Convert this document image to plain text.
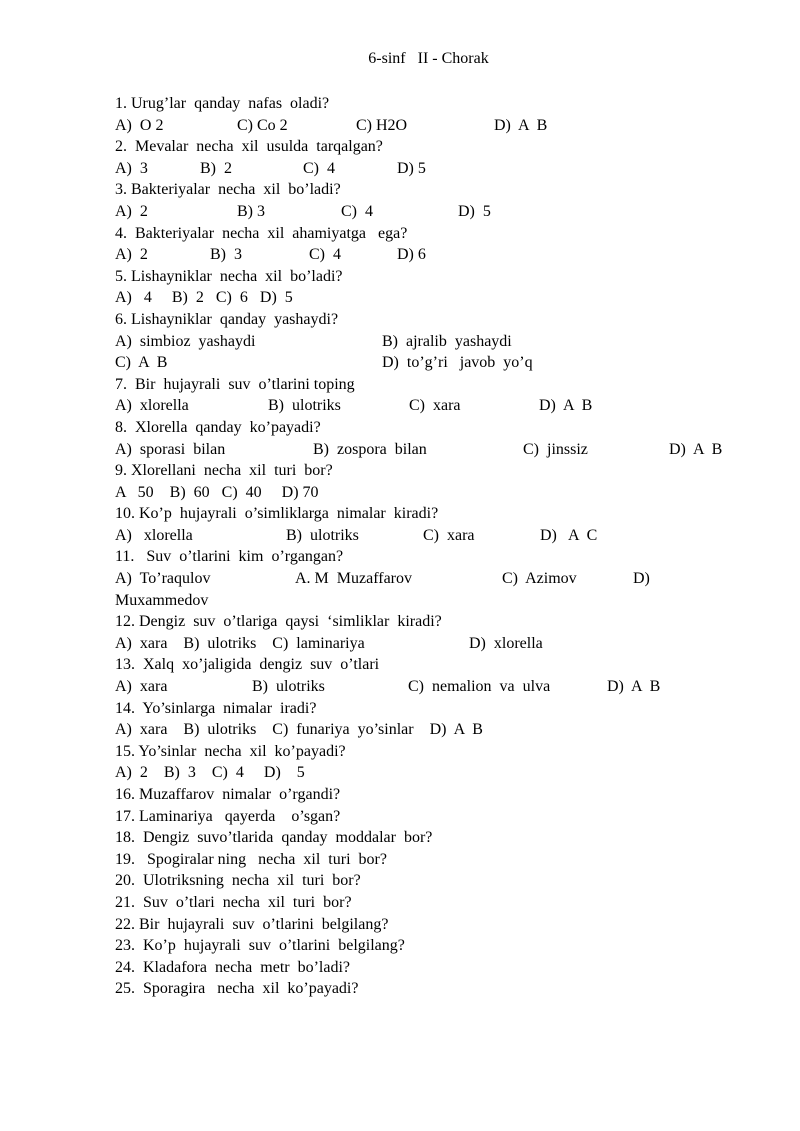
6-sinf   II - Chorak
1. Urug’lar  qanday  nafas  oladi?
A)  O 2	C) Co 2	C) H2O	D)  A  B
2.  Mevalar  necha  xil  usulda  tarqalgan?
A)  3	B)  2	C)  4	D) 5
3. Bakteriyalar  necha  xil  bo’ladi?
A)  2	B) 3	C)  4	D)  5
4.  Bakteriyalar  necha  xil  ahamiyatga   ega?
A)  2	B)  3	C)  4	D) 6
5. Lishayniklar  necha  xil  bo’ladi?
A)   4     B)  2   C)  6   D)  5
6. Lishayniklar  qanday  yashaydi?
A)  simbioz  yashaydi	B)  ajralib  yashaydi
C)  A  B	D)  to’g’ri   javob  yo’q
7.  Bir  hujayrali  suv  o’tlarini toping
A)  xlorella	B)  ulotriks	C)  xara	D)  A  B
8.  Xlorella  qanday  ko’payadi?
A)  sporasi  bilan	B)  zospora  bilan	C)  jinssiz	D)  A  B
9. Xlorellani  necha  xil  turi  bor?
A   50    B)  60   C)  40     D) 70
10. Ko’p  hujayrali  o’simliklarga  nimalar  kiradi?
A)   xlorella	B)  ulotriks	C)  xara	D)   A  C
11.   Suv  o’tlarini  kim  o’rgangan?
A)  To’raqulov	A. M  Muzaffarov	C)  Azimov	D)
Muxammedov
12. Dengiz  suv  o’tlariga  qaysi  ‘simliklar  kiradi?
A)  xara    B)  ulotriks    C)  laminariya	D)  xlorella
13.  Xalq  xo’jaligida  dengiz  suv  o’tlari
A)  xara	B)  ulotriks	C)  nemalion  va  ulva	D)  A  B
14.  Yo’sinlarga  nimalar  iradi?
A)  xara    B)  ulotriks    C)  funariya  yo’sinlar    D)  A  B
15. Yo’sinlar  necha  xil  ko’payadi?
A)  2    B)  3    C)  4     D)    5
16. Muzaffarov  nimalar  o’rgandi?
17. Laminariya   qayerda    o’sgan?
18.  Dengiz  suvo’tlarida  qanday  moddalar  bor?
19.   Spogiralar ning   necha  xil  turi  bor?
20.  Ulotriksning  necha  xil  turi  bor?
21.  Suv  o’tlari  necha  xil  turi  bor?
22. Bir  hujayrali  suv  o’tlarini  belgilang?
23.  Ko’p  hujayrali  suv  o’tlarini  belgilang?
24.  Kladafora  necha  metr  bo’ladi?
25.  Sporagira   necha  xil  ko’payadi?
